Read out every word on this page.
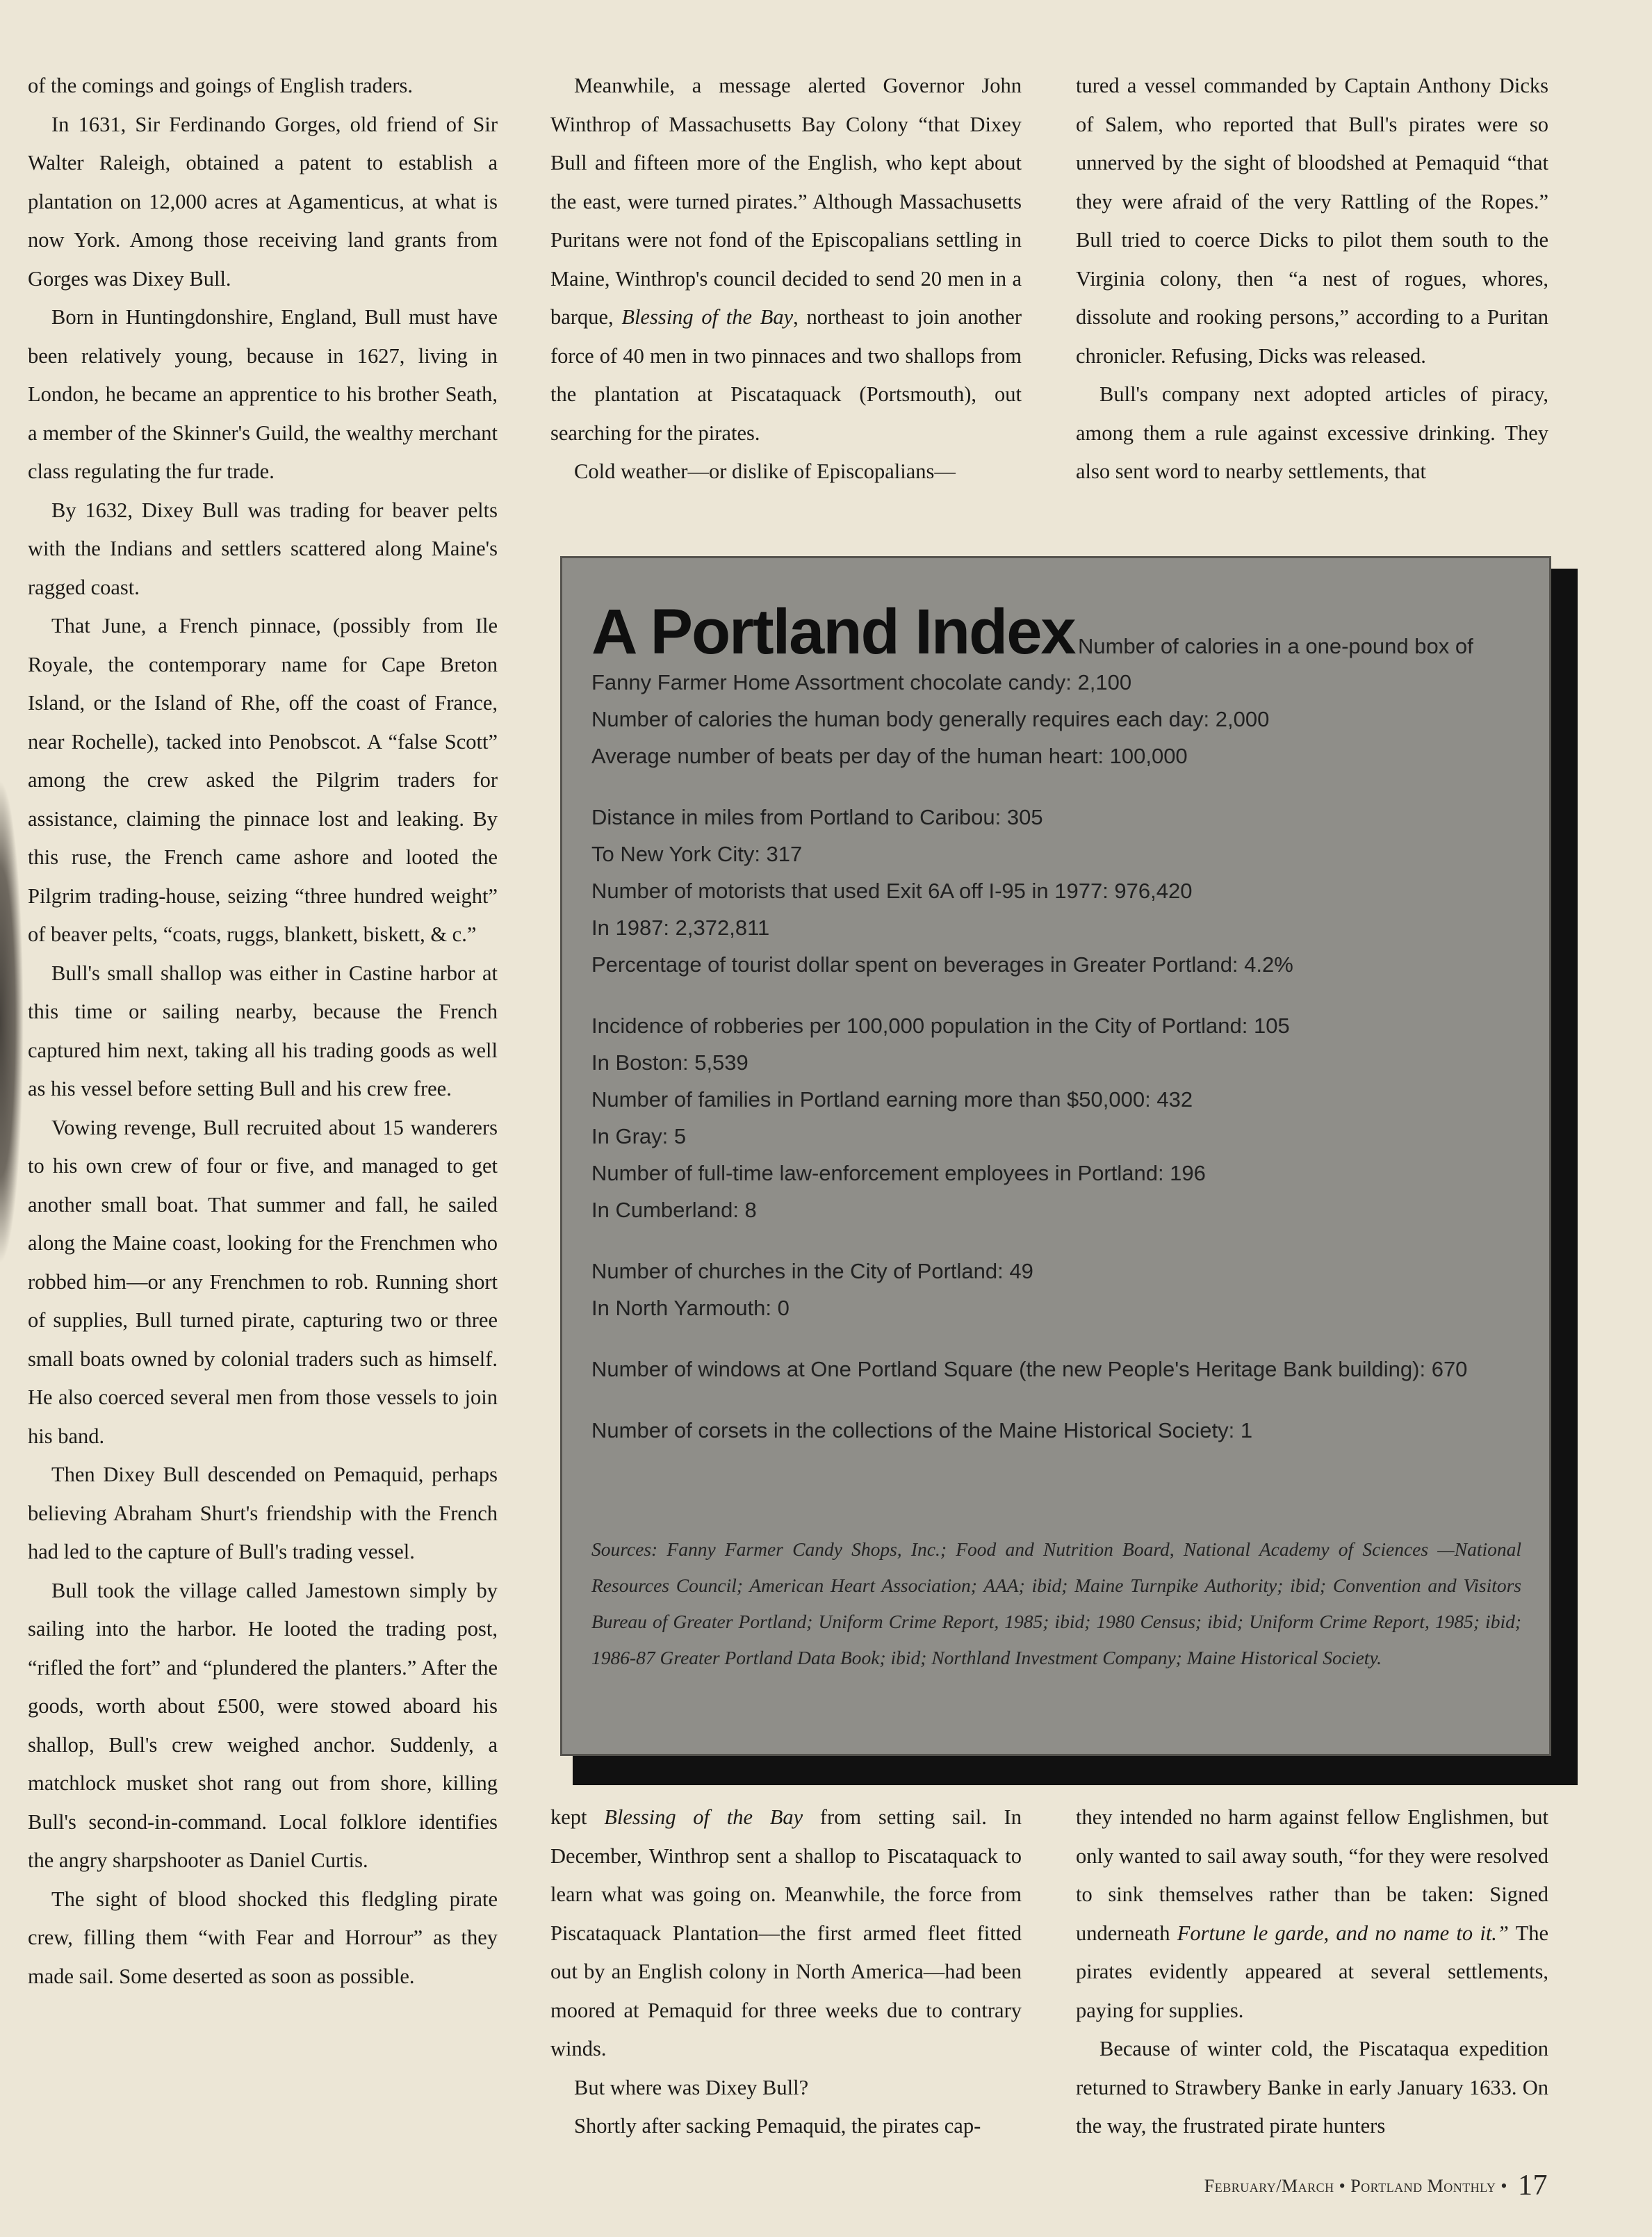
of the comings and goings of English traders.

In 1631, Sir Ferdinando Gorges, old friend of Sir Walter Raleigh, obtained a patent to establish a plantation on 12,000 acres at Agamenticus, at what is now York. Among those receiving land grants from Gorges was Dixey Bull.

Born in Huntingdonshire, England, Bull must have been relatively young, because in 1627, living in London, he became an apprentice to his brother Seath, a member of the Skinner's Guild, the wealthy merchant class regulating the fur trade.

By 1632, Dixey Bull was trading for beaver pelts with the Indians and settlers scattered along Maine's ragged coast.

That June, a French pinnace, (possibly from Ile Royale, the contemporary name for Cape Breton Island, or the Island of Rhe, off the coast of France, near Rochelle), tacked into Penobscot. A “false Scott” among the crew asked the Pilgrim traders for assistance, claiming the pinnace lost and leaking. By this ruse, the French came ashore and looted the Pilgrim trading-house, seizing “three hundred weight” of beaver pelts, “coats, ruggs, blankett, biskett, & c.”

Bull's small shallop was either in Castine harbor at this time or sailing nearby, because the French captured him next, taking all his trading goods as well as his vessel before setting Bull and his crew free.

Vowing revenge, Bull recruited about 15 wanderers to his own crew of four or five, and managed to get another small boat. That summer and fall, he sailed along the Maine coast, looking for the Frenchmen who robbed him—or any Frenchmen to rob. Running short of supplies, Bull turned pirate, capturing two or three small boats owned by colonial traders such as himself. He also coerced several men from those vessels to join his band.

Then Dixey Bull descended on Pemaquid, perhaps believing Abraham Shurt's friendship with the French had led to the capture of Bull's trading vessel.

Bull took the village called Jamestown simply by sailing into the harbor. He looted the trading post, “rifled the fort” and “plundered the planters.” After the goods, worth about £500, were stowed aboard his shallop, Bull's crew weighed anchor. Suddenly, a matchlock musket shot rang out from shore, killing Bull's second-in-command. Local folklore identifies the angry sharpshooter as Daniel Curtis.

The sight of blood shocked this fledgling pirate crew, filling them “with Fear and Horrour” as they made sail. Some deserted as soon as possible.

Meanwhile, a message alerted Governor John Winthrop of Massachusetts Bay Colony “that Dixey Bull and fifteen more of the English, who kept about the east, were turned pirates.” Although Massachusetts Puritans were not fond of the Episcopalians settling in Maine, Winthrop's council decided to send 20 men in a barque, Blessing of the Bay, northeast to join another force of 40 men in two pinnaces and two shallops from the plantation at Piscataquack (Portsmouth), out searching for the pirates.

Cold weather—or dislike of Episcopalians—

tured a vessel commanded by Captain Anthony Dicks of Salem, who reported that Bull's pirates were so unnerved by the sight of bloodshed at Pemaquid “that they were afraid of the very Rattling of the Ropes.” Bull tried to coerce Dicks to pilot them south to the Virginia colony, then “a nest of rogues, whores, dissolute and rooking persons,” according to a Puritan chronicler. Refusing, Dicks was released.

Bull's company next adopted articles of piracy, among them a rule against excessive drinking. They also sent word to nearby settlements, that

A Portland Index Number of calories in a one-pound box of
Fanny Farmer Home Assortment chocolate candy: 2,100
Number of calories the human body generally requires each day: 2,000
Average number of beats per day of the human heart: 100,000
Distance in miles from Portland to Caribou: 305
To New York City: 317
Number of motorists that used Exit 6A off I-95 in 1977: 976,420
In 1987: 2,372,811
Percentage of tourist dollar spent on beverages in Greater Portland: 4.2%
Incidence of robberies per 100,000 population in the City of Portland: 105
In Boston: 5,539
Number of families in Portland earning more than $50,000: 432
In Gray: 5
Number of full-time law-enforcement employees in Portland: 196
In Cumberland: 8
Number of churches in the City of Portland: 49
In North Yarmouth: 0
Number of windows at One Portland Square (the new People's Heritage Bank building): 670
Number of corsets in the collections of the Maine Historical Society: 1
Sources: Fanny Farmer Candy Shops, Inc.; Food and Nutrition Board, National Academy of Sciences —National Resources Council; American Heart Association; AAA; ibid; Maine Turnpike Authority; ibid; Convention and Visitors Bureau of Greater Portland; Uniform Crime Report, 1985; ibid; 1980 Census; ibid; Uniform Crime Report, 1985; ibid; 1986-87 Greater Portland Data Book; ibid; Northland Investment Company; Maine Historical Society.

kept Blessing of the Bay from setting sail. In December, Winthrop sent a shallop to Piscataquack to learn what was going on. Meanwhile, the force from Piscataquack Plantation—the first armed fleet fitted out by an English colony in North America—had been moored at Pemaquid for three weeks due to contrary winds.

But where was Dixey Bull?

Shortly after sacking Pemaquid, the pirates cap-

they intended no harm against fellow Englishmen, but only wanted to sail away south, “for they were resolved to sink themselves rather than be taken: Signed underneath Fortune le garde, and no name to it.” The pirates evidently appeared at several settlements, paying for supplies.

Because of winter cold, the Piscataqua expedition returned to Strawbery Banke in early January 1633. On the way, the frustrated pirate hunters

February/March • Portland Monthly • 17
